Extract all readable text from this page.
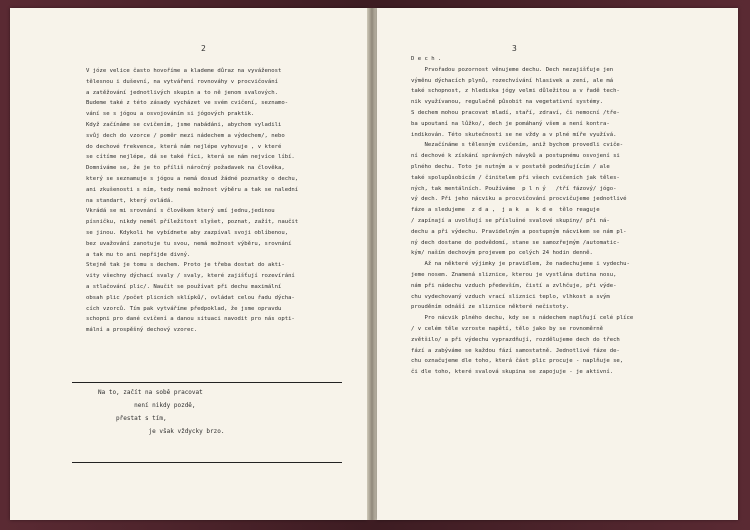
2
V józe velice často hovoříme a klademe důraz na vyváženost
tělesnou i duševní, na vytváření rovnováhy v procvičování
a zatěžování jednotlivých skupin a to ně jenom svalových.
Budeme také z této zásady vycházet ve svém cvičení, seznamo-
vání se s jógou a osvojováním si jógových praktik.
Když začínáme se cvičením, jsme nabádáni, abychom vyladili
svůj dech do vzorce / poměr mezi nádechem a výdechem/, nebo
do dechové frekvence, která nám nejlépe vyhovuje , v které
se cítíme nejlépe, dá se také říci, která se nám nejvíce líbí.
Domníváme se, že je to příliš náročný požadavek na člověka,
který se seznamuje s jógou a nemá dosud žádné poznatky o dechu,
ani zkušenosti s ním, tedy nemá možnost výběru a tak se nalední
na standart, který ovládá.
Vkrádá se mi srovnání s člověkem který umí jednu,jedinou
písničku, nikdy nemél příležitost slyšet, poznat, zažít, naučit
se jinou. Kdykoli he vybídnete aby zazpíval svoji oblíbenou,
bez uvažování zanotuje tu svou, nemá možnost výběru, srovnání
a tak mu to ani nepřijde divný.
Stejně tak je tomu s dechem. Proto je třeba dostat do akti-
vity všechny dýchací svaly / svaly, které zajišťují rozevírání
a stlačování plic/. Naučit se používat při dechu maximální
obsah plic /počet plicních sklípků/, ovládat celou řadu dýcha-
cích vzorců. Tím pak vytváříme předpoklad, že jsme opravdu
schopni pro dané cvičení a danou situaci navodit pro nás opti-
mální a prospěšný dechový vzorec.
Na to, začít na sobě pracovat
není nikdy pozdě,
přestat s tím,
je však vždycky brzo.
3
D e c h .
Prvořadou pozornost věnujeme dechu. Dech nezajišťuje jen
výměnu dýchacích plynů, rozechvívání hlasivek a zení, ale má
také schopnost, z hlediska jógy velmi důležitou a v řadě tech-
nik využívanou, regulačně působit na vegetativní systémy.
S dechem mohou pracovat mladí, staří, zdraví, či nemocní /tře-
ba upoutaní na lůžko/, dech je pomáhaný všem a není kontra-
indikován. Této skutečnosti se ne vždy a v plné míře využívá.
Nezačínáme s tělesným cvičením, aniž bychom provedli cviče-
ní dechové k získání správných návyků a postupnému osvojení si
plného dechu. Toto je nutným a v postatě podmiňujícím / ale
také spolupůsobícím / činitelem při všech cvičeních jak těles-
ných, tak mentálních. Používáme  p l n ý   /tří fázový/ jógo-
vý dech. Při jeho nácviku a procvičování procvičujeme jednotlivé
fáze a sledujeme  z d a ,  j a k  a  k d e  tělo reaguje
/ zapínají a uvolňují se příslušné svalové skupiny/ při ná-
dechu a při výdechu. Pravidelným a postupným nácvikem se nám pl-
ný dech dostane do podvědomí, stane se samozřejmým /automatic-
kým/ naším dechovým projevem po celých 24 hodin denně.
Až na některé výjimky je pravidlem, že nadechujeme i vydechu-
jeme nosem. Znamená sliznice, kterou je vystlána dutina nosu,
nám při nádechu vzduch především, čistí a zvlhčuje, při výde-
chu vydechovaný vzduch vrací sliznici teplo, vlhkost a svým
prouděním odnáší ze sliznice některé nečistoty.
Pro nácvik plného dechu, kdy se s nádechem naplňují celé plíce
/ v celém těle vzroste napětí, tělo jako by se rovnoměrně
zvětšilo/ a při výdechu vyprazdňují, rozdělujeme dech do třech
fází a zabýváme se každou fází samostatně. Jednotlivé fáze de-
chu označujeme dle toho, která část plic procuje - naplňuje se,
či dle toho, které svalová skupina se zapojuje - je aktivní.
